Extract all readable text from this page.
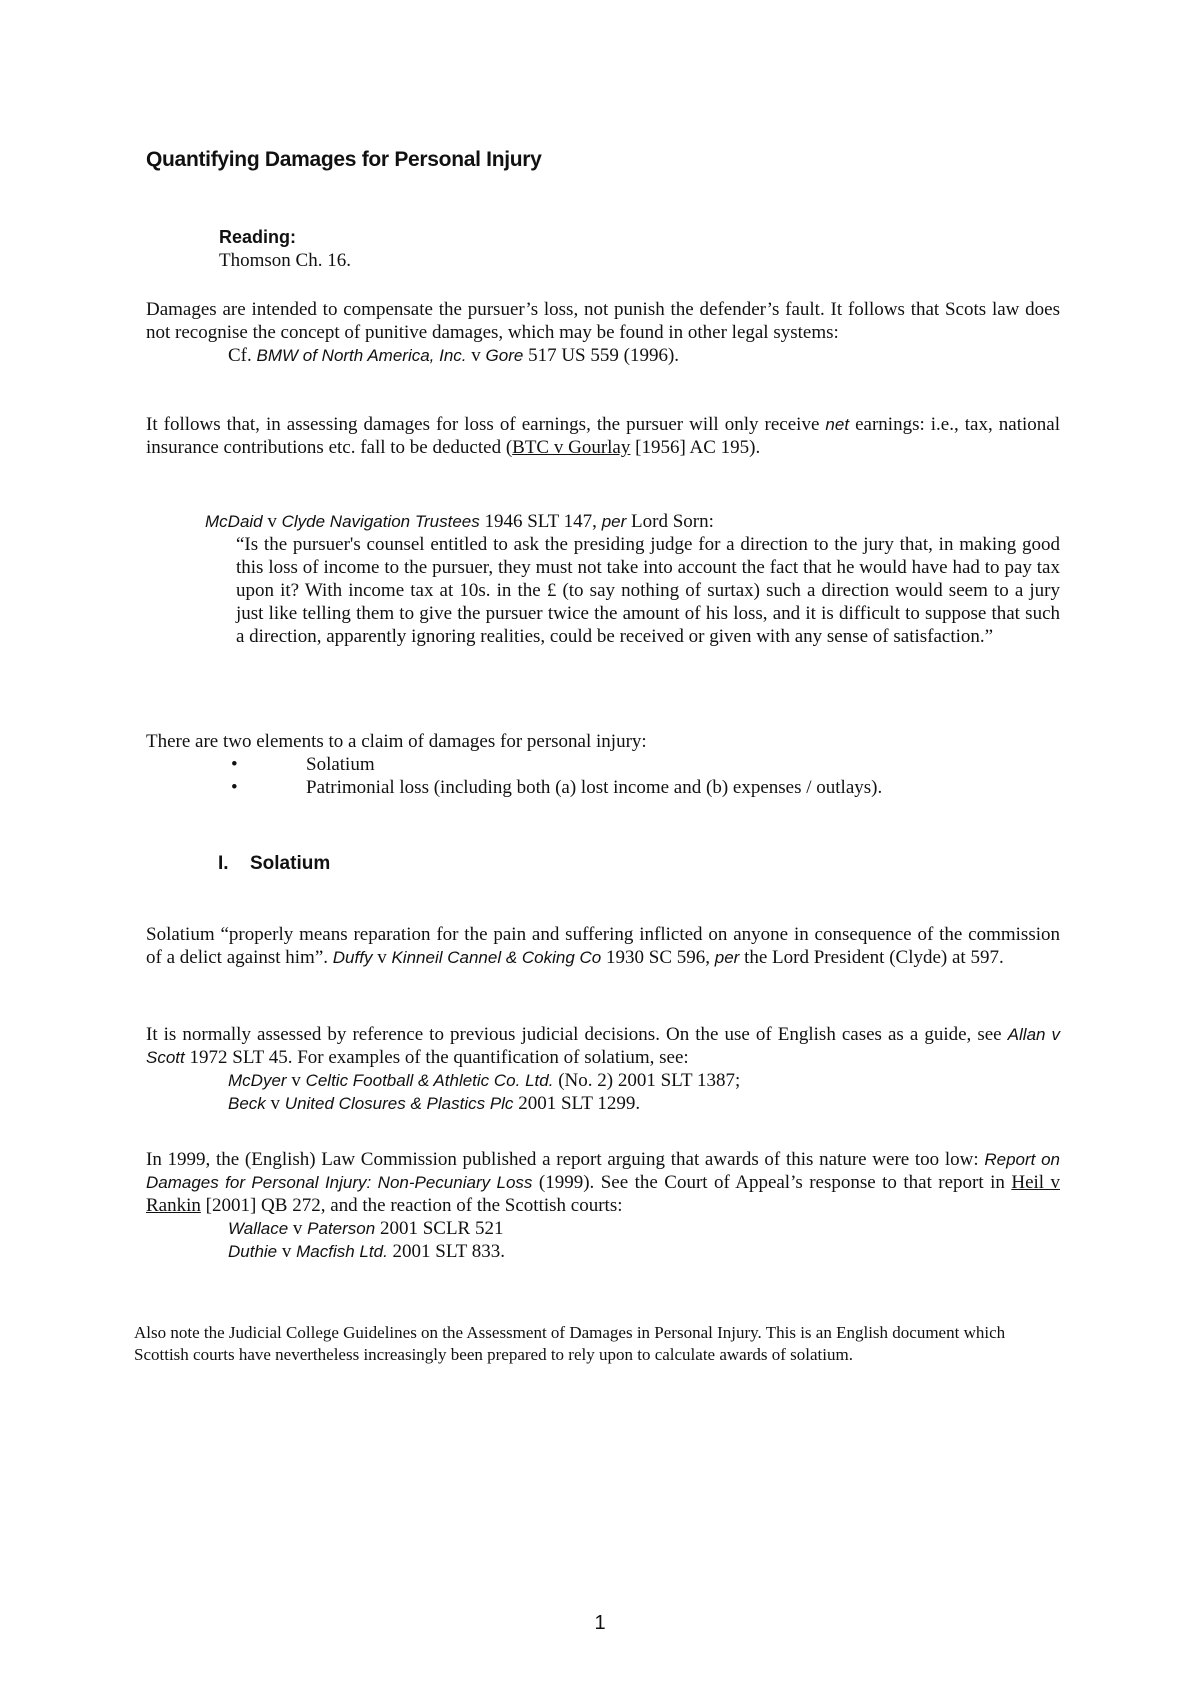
Quantifying Damages for Personal Injury

Reading:

Thomson Ch. 16.

Damages are intended to compensate the pursuer’s loss, not punish the defender’s fault. It follows that Scots law does not recognise the concept of punitive damages, which may be found in other legal systems:

Cf. BMW of North America, Inc. v Gore 517 US 559 (1996).

It follows that, in assessing damages for loss of earnings, the pursuer will only receive net earnings: i.e., tax, national insurance contributions etc. fall to be deducted (BTC v Gourlay [1956] AC 195).

McDaid v Clyde Navigation Trustees 1946 SLT 147, per Lord Sorn:

“Is the pursuer's counsel entitled to ask the presiding judge for a direction to the jury that, in making good this loss of income to the pursuer, they must not take into account the fact that he would have had to pay tax upon it? With income tax at 10s. in the £ (to say nothing of surtax) such a direction would seem to a jury just like telling them to give the pursuer twice the amount of his loss, and it is difficult to suppose that such a direction, apparently ignoring realities, could be received or given with any sense of satisfaction.”

There are two elements to a claim of damages for personal injury:

•	Solatium
•	Patrimonial loss (including both (a) lost income and (b) expenses / outlays).
I. Solatium

Solatium “properly means reparation for the pain and suffering inflicted on anyone in consequence of the commission of a delict against him”. Duffy v Kinneil Cannel & Coking Co 1930 SC 596, per the Lord President (Clyde) at 597.

It is normally assessed by reference to previous judicial decisions. On the use of English cases as a guide, see Allan v Scott 1972 SLT 45. For examples of the quantification of solatium, see:

McDyer v Celtic Football & Athletic Co. Ltd. (No. 2) 2001 SLT 1387;

Beck v United Closures & Plastics Plc 2001 SLT 1299.

In 1999, the (English) Law Commission published a report arguing that awards of this nature were too low: Report on Damages for Personal Injury: Non-Pecuniary Loss (1999). See the Court of Appeal’s response to that report in Heil v Rankin [2001] QB 272, and the reaction of the Scottish courts:

Wallace v Paterson 2001 SCLR 521

Duthie v Macfish Ltd. 2001 SLT 833.

Also note the Judicial College Guidelines on the Assessment of Damages in Personal Injury. This is an English document which Scottish courts have nevertheless increasingly been prepared to rely upon to calculate awards of solatium.

1
